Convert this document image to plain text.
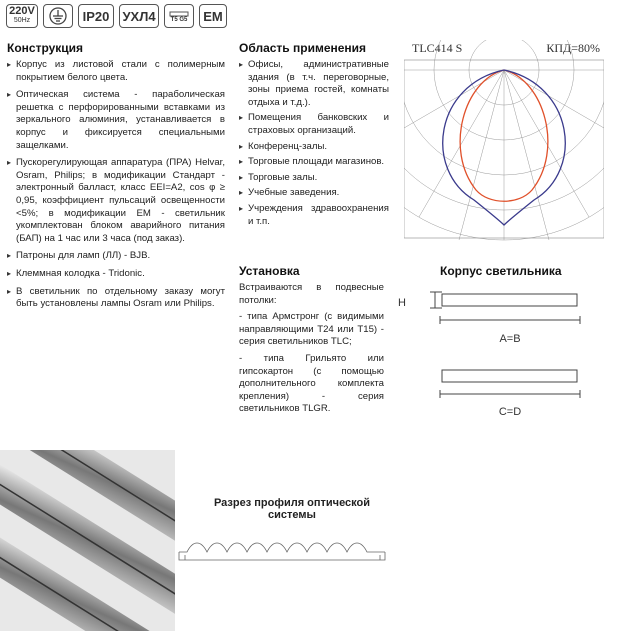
220V
50Hz	IP20	УХЛ4	T5 G5	EM
Конструкция
▸ Корпус из листовой стали с полимерным покрытием белого цвета.
▸ Оптическая система - параболическая решетка с перфорированными вставками из зеркального алюминия, устанавливается в корпус и фиксируется специальными защелками.
▸ Пускорегулирующая аппаратура (ПРА) Helvar, Osram, Philips; в модификации Стандарт - электронный балласт, класс EEI=A2, cos φ ≥ 0,95, коэффициент пульсаций освещенности <5%; в модификации EM - светильник укомплектован блоком аварийного питания (БАП) на 1 час или 3 часа (под заказ).
▸ Патроны для ламп (ЛЛ) - BJB.
▸ Клеммная колодка - Tridonic.
▸ В светильник по отдельному заказу могут быть установлены лампы Osram или Philips.
Область применения
▸ Офисы, административные здания (в т.ч. переговорные, зоны приема гостей, комнаты отдыха и т.д.).
▸ Помещения банковских и страховых организаций.
▸ Конференц-залы.
▸ Торговые площади магазинов.
▸ Торговые залы.
▸ Учебные заведения.
▸ Учреждения здравоохранения и т.п.
Установка

Встраиваются в подвесные потолки:

- типа Армстронг (с видимыми направляющими T24 или T15) - серия светильников TLC;

- типа Грильято или гипсокартон (с помощью дополнительного комплекта крепления) - серия светильников TLGR.

TLC414 S	КПД=80%
Корпус светильника
H
A=B
C=D
Разрез профиля оптической системы
